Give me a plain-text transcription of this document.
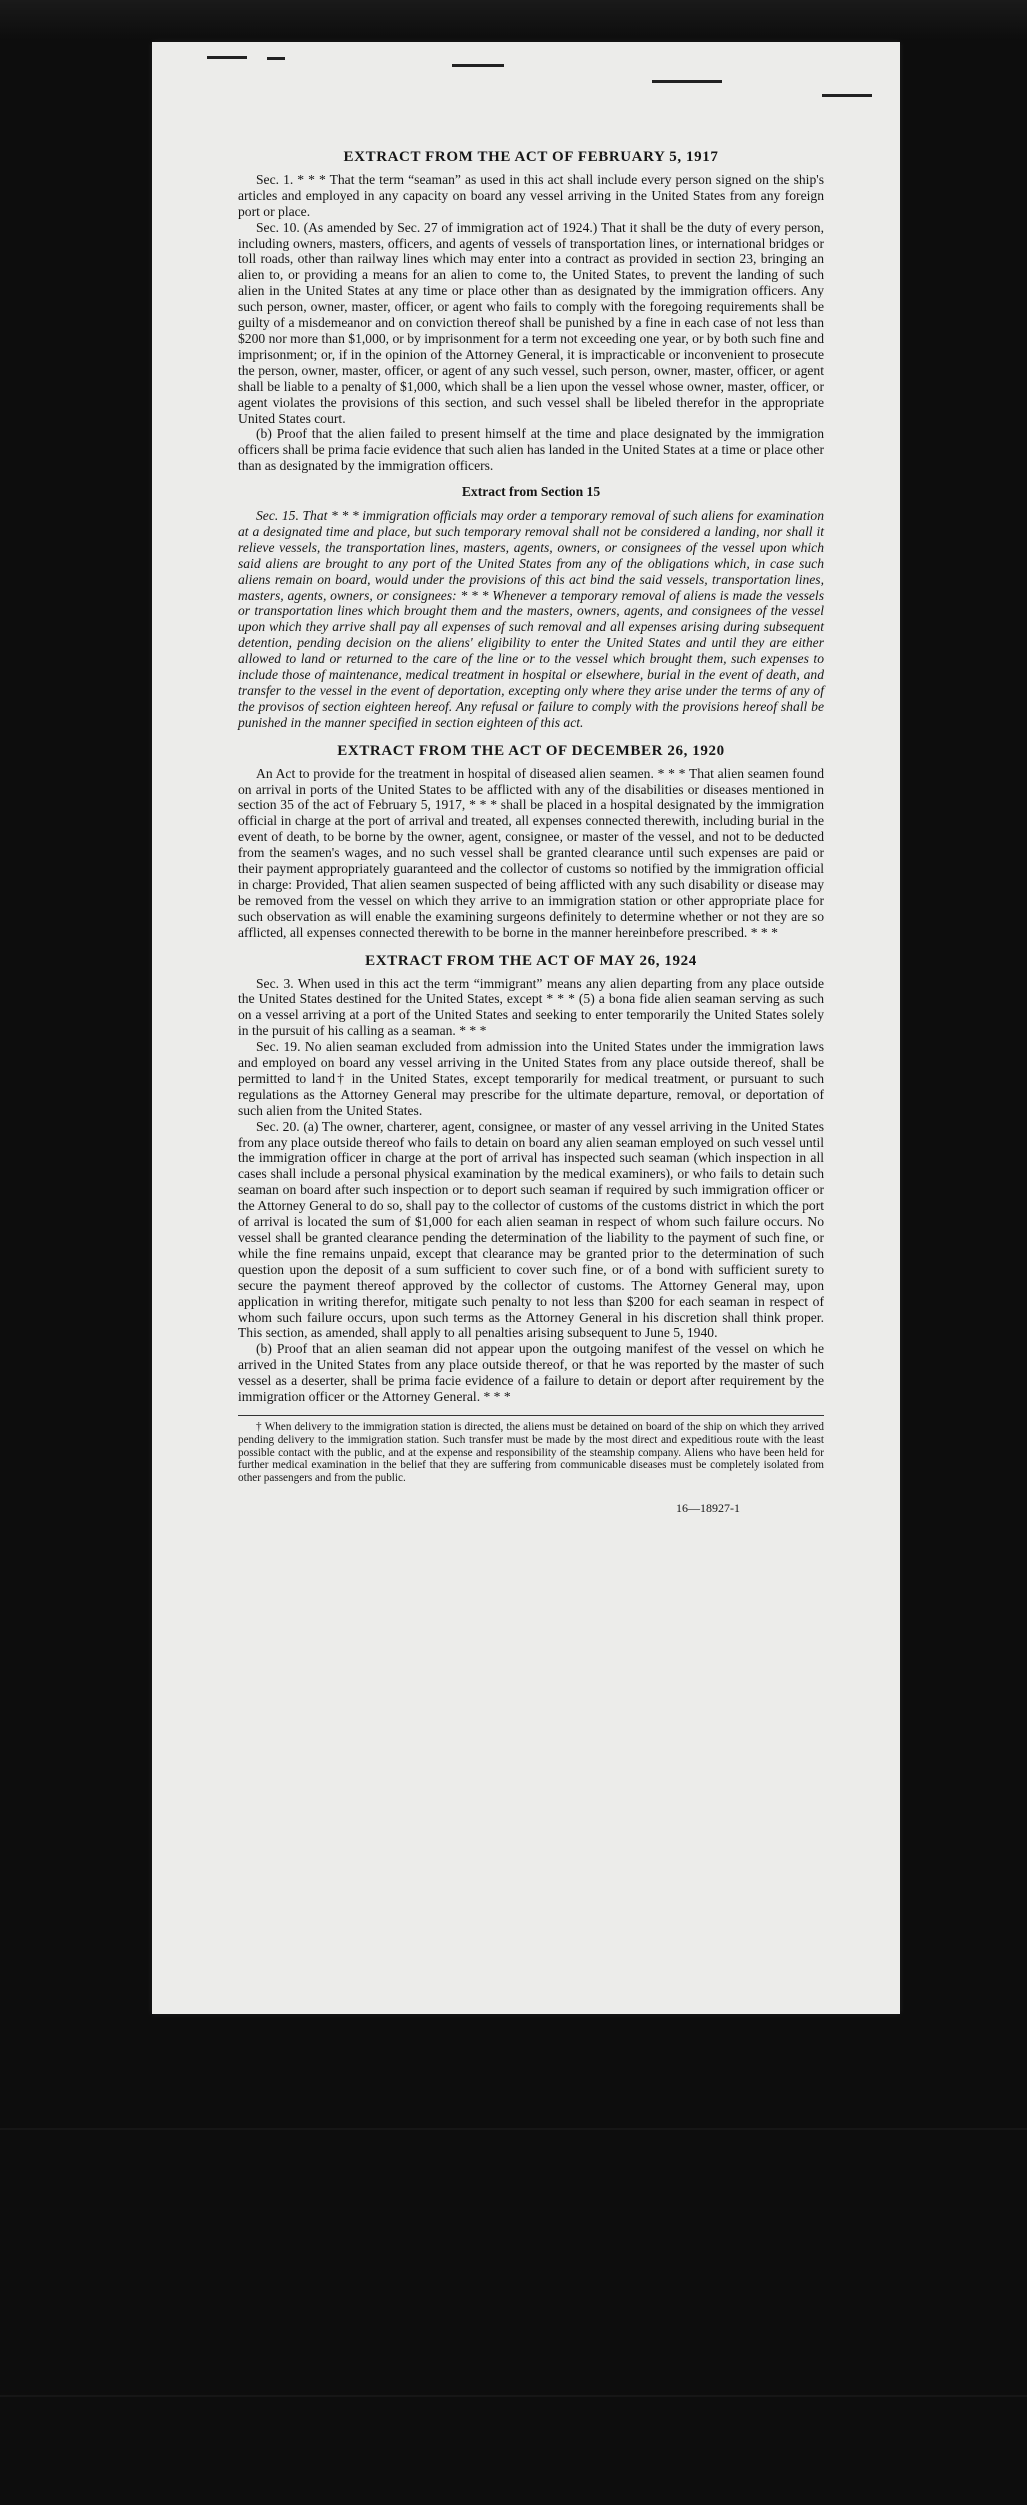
EXTRACT FROM THE ACT OF FEBRUARY 5, 1917

Sec. 1. * * * That the term “seaman” as used in this act shall include every person signed on the ship's articles and employed in any capacity on board any vessel arriving in the United States from any foreign port or place.

Sec. 10. (As amended by Sec. 27 of immigration act of 1924.) That it shall be the duty of every person, including owners, masters, officers, and agents of vessels of transportation lines, or international bridges or toll roads, other than railway lines which may enter into a contract as provided in section 23, bringing an alien to, or providing a means for an alien to come to, the United States, to prevent the landing of such alien in the United States at any time or place other than as designated by the immigration officers. Any such person, owner, master, officer, or agent who fails to comply with the foregoing requirements shall be guilty of a misdemeanor and on conviction thereof shall be punished by a fine in each case of not less than $200 nor more than $1,000, or by imprisonment for a term not exceeding one year, or by both such fine and imprisonment; or, if in the opinion of the Attorney General, it is impracticable or inconvenient to prosecute the person, owner, master, officer, or agent of any such vessel, such person, owner, master, officer, or agent shall be liable to a penalty of $1,000, which shall be a lien upon the vessel whose owner, master, officer, or agent violates the provisions of this section, and such vessel shall be libeled therefor in the appropriate United States court.

(b) Proof that the alien failed to present himself at the time and place designated by the immigration officers shall be prima facie evidence that such alien has landed in the United States at a time or place other than as designated by the immigration officers.

Extract from Section 15

Sec. 15. That * * * immigration officials may order a temporary removal of such aliens for examination at a designated time and place, but such temporary removal shall not be considered a landing, nor shall it relieve vessels, the transportation lines, masters, agents, owners, or consignees of the vessel upon which said aliens are brought to any port of the United States from any of the obligations which, in case such aliens remain on board, would under the provisions of this act bind the said vessels, transportation lines, masters, agents, owners, or consignees: * * * Whenever a temporary removal of aliens is made the vessels or transportation lines which brought them and the masters, owners, agents, and consignees of the vessel upon which they arrive shall pay all expenses of such removal and all expenses arising during subsequent detention, pending decision on the aliens' eligibility to enter the United States and until they are either allowed to land or returned to the care of the line or to the vessel which brought them, such expenses to include those of maintenance, medical treatment in hospital or elsewhere, burial in the event of death, and transfer to the vessel in the event of deportation, excepting only where they arise under the terms of any of the provisos of section eighteen hereof. Any refusal or failure to comply with the provisions hereof shall be punished in the manner specified in section eighteen of this act.

EXTRACT FROM THE ACT OF DECEMBER 26, 1920

An Act to provide for the treatment in hospital of diseased alien seamen. * * * That alien seamen found on arrival in ports of the United States to be afflicted with any of the disabilities or diseases mentioned in section 35 of the act of February 5, 1917, * * * shall be placed in a hospital designated by the immigration official in charge at the port of arrival and treated, all expenses connected therewith, including burial in the event of death, to be borne by the owner, agent, consignee, or master of the vessel, and not to be deducted from the seamen's wages, and no such vessel shall be granted clearance until such expenses are paid or their payment appropriately guaranteed and the collector of customs so notified by the immigration official in charge: Provided, That alien seamen suspected of being afflicted with any such disability or disease may be removed from the vessel on which they arrive to an immigration station or other appropriate place for such observation as will enable the examining surgeons definitely to determine whether or not they are so afflicted, all expenses connected therewith to be borne in the manner hereinbefore prescribed. * * *

EXTRACT FROM THE ACT OF MAY 26, 1924

Sec. 3. When used in this act the term “immigrant” means any alien departing from any place outside the United States destined for the United States, except * * * (5) a bona fide alien seaman serving as such on a vessel arriving at a port of the United States and seeking to enter temporarily the United States solely in the pursuit of his calling as a seaman. * * *

Sec. 19. No alien seaman excluded from admission into the United States under the immigration laws and employed on board any vessel arriving in the United States from any place outside thereof, shall be permitted to land† in the United States, except temporarily for medical treatment, or pursuant to such regulations as the Attorney General may prescribe for the ultimate departure, removal, or deportation of such alien from the United States.

Sec. 20. (a) The owner, charterer, agent, consignee, or master of any vessel arriving in the United States from any place outside thereof who fails to detain on board any alien seaman employed on such vessel until the immigration officer in charge at the port of arrival has inspected such seaman (which inspection in all cases shall include a personal physical examination by the medical examiners), or who fails to detain such seaman on board after such inspection or to deport such seaman if required by such immigration officer or the Attorney General to do so, shall pay to the collector of customs of the customs district in which the port of arrival is located the sum of $1,000 for each alien seaman in respect of whom such failure occurs. No vessel shall be granted clearance pending the determination of the liability to the payment of such fine, or while the fine remains unpaid, except that clearance may be granted prior to the determination of such question upon the deposit of a sum sufficient to cover such fine, or of a bond with sufficient surety to secure the payment thereof approved by the collector of customs. The Attorney General may, upon application in writing therefor, mitigate such penalty to not less than $200 for each seaman in respect of whom such failure occurs, upon such terms as the Attorney General in his discretion shall think proper. This section, as amended, shall apply to all penalties arising subsequent to June 5, 1940.

(b) Proof that an alien seaman did not appear upon the outgoing manifest of the vessel on which he arrived in the United States from any place outside thereof, or that he was reported by the master of such vessel as a deserter, shall be prima facie evidence of a failure to detain or deport after requirement by the immigration officer or the Attorney General. * * *

† When delivery to the immigration station is directed, the aliens must be detained on board of the ship on which they arrived pending delivery to the immigration station. Such transfer must be made by the most direct and expeditious route with the least possible contact with the public, and at the expense and responsibility of the steamship company. Aliens who have been held for further medical examination in the belief that they are suffering from communicable diseases must be completely isolated from other passengers and from the public.
16—18927-1
